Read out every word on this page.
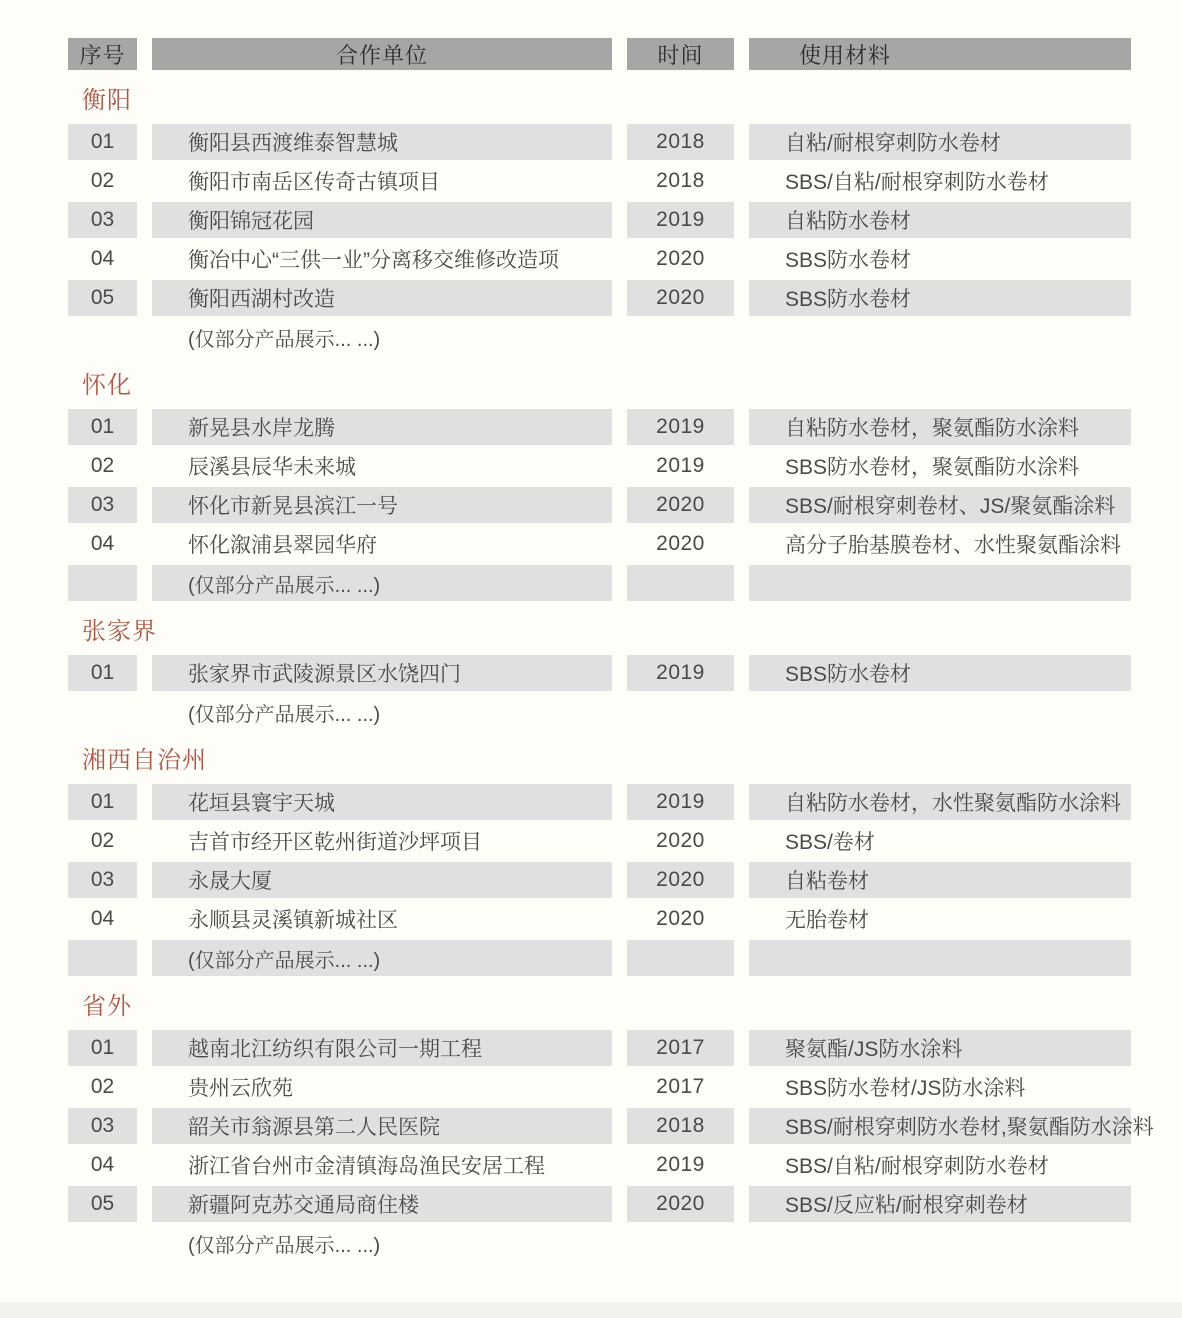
序号	合作单位	时间	使用材料
衡阳
01	衡阳县西渡维泰智慧城	2018	自粘/耐根穿刺防水卷材
02	衡阳市南岳区传奇古镇项目	2018	SBS/自粘/耐根穿刺防水卷材
03	衡阳锦冠花园	2019	自粘防水卷材
04	衡冶中心“三供一业”分离移交维修改造项	2020	SBS防水卷材
05	衡阳西湖村改造	2020	SBS防水卷材
(仅部分产品展示... ...)
怀化
01	新晃县水岸龙腾	2019	自粘防水卷材，聚氨酯防水涂料
02	辰溪县辰华未来城	2019	SBS防水卷材，聚氨酯防水涂料
03	怀化市新晃县滨江一号	2020	SBS/耐根穿刺卷材、JS/聚氨酯涂料
04	怀化溆浦县翠园华府	2020	高分子胎基膜卷材、水性聚氨酯涂料
(仅部分产品展示... ...)
张家界
01	张家界市武陵源景区水饶四门	2019	SBS防水卷材
(仅部分产品展示... ...)
湘西自治州
01	花垣县寰宇天城	2019	自粘防水卷材，水性聚氨酯防水涂料
02	吉首市经开区乾州街道沙坪项目	2020	SBS/卷材
03	永晟大厦	2020	自粘卷材
04	永顺县灵溪镇新城社区	2020	无胎卷材
(仅部分产品展示... ...)
省外
01	越南北江纺织有限公司一期工程	2017	聚氨酯/JS防水涂料
02	贵州云欣苑	2017	SBS防水卷材/JS防水涂料
03	韶关市翁源县第二人民医院	2018	SBS/耐根穿刺防水卷材,聚氨酯防水涂料
04	浙江省台州市金清镇海岛渔民安居工程	2019	SBS/自粘/耐根穿刺防水卷材
05	新疆阿克苏交通局商住楼	2020	SBS/反应粘/耐根穿刺卷材
(仅部分产品展示... ...)
